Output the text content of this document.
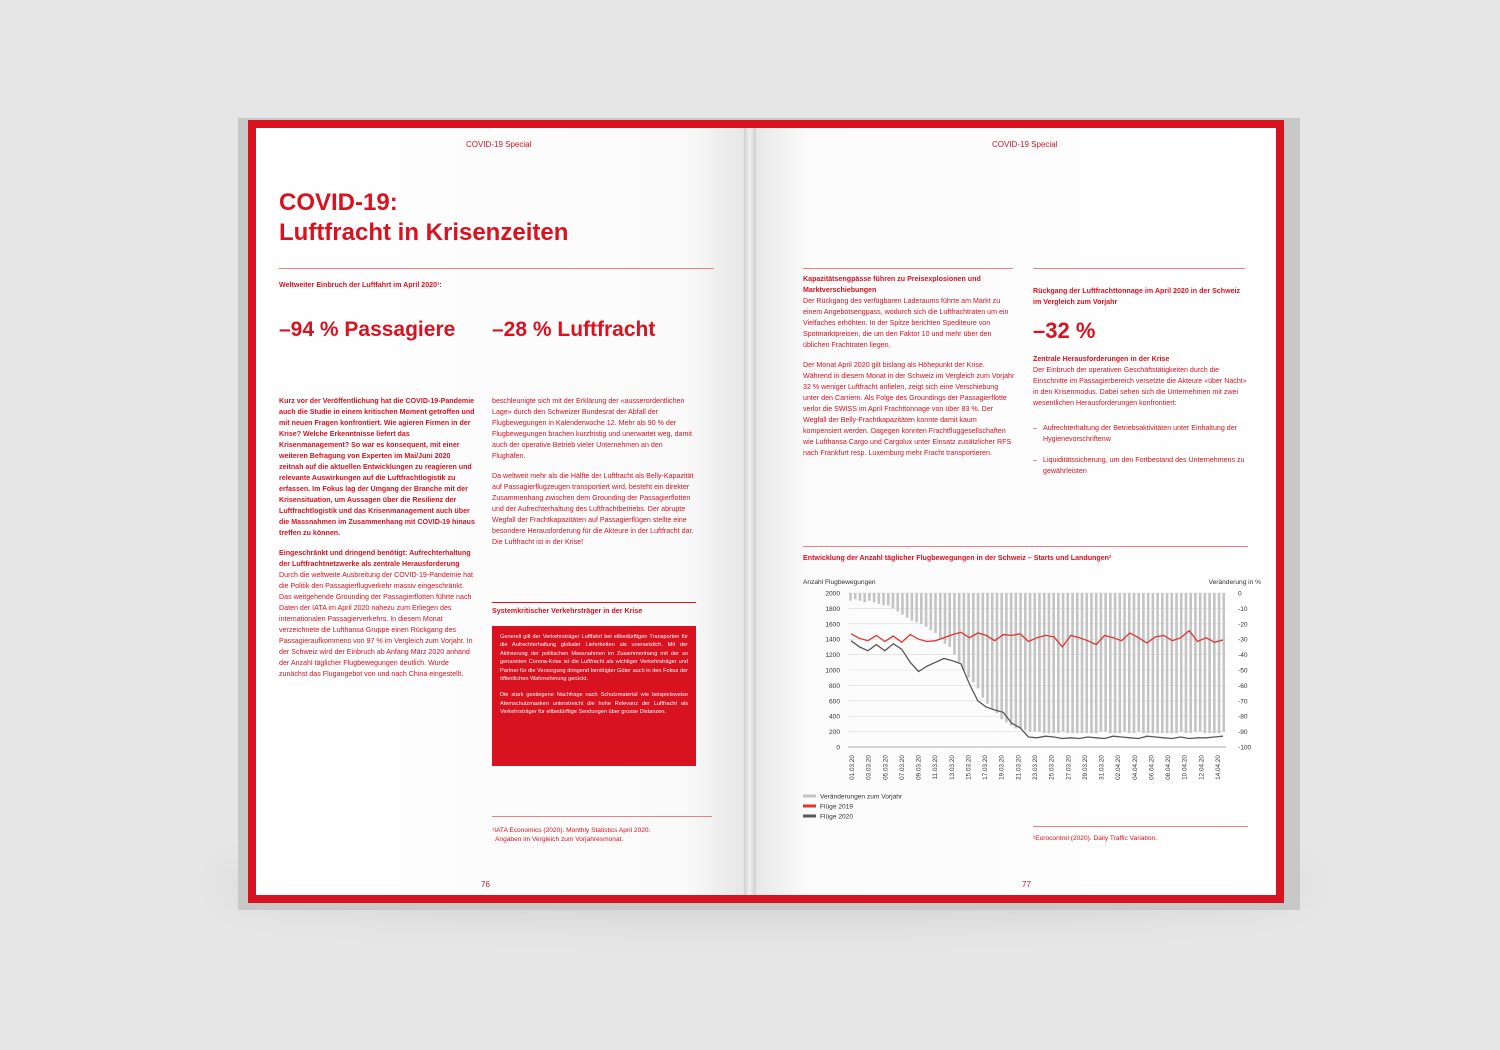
COVID-19 Special
COVID-19:
Luftfracht in Krisenzeiten
Weltweiter Einbruch der Luftfahrt im April 2020¹:
–94 % Passagiere –28 % Luftfracht

Kurz vor der Veröffentlichung hat die COVID-19-Pandemie auch die Studie in einem kritischen Moment getroffen und mit neuen Fragen konfrontiert. Wie agieren Firmen in der Krise? Welche Erkenntnisse liefert das Krisenmanagement? So war es konsequent, mit einer weiteren Befragung von Experten im Mai/Juni 2020 zeitnah auf die aktuellen Entwicklungen zu reagieren und relevante Auswirkungen auf die Luftfrachtlogistik zu erfassen. Im Fokus lag der Umgang der Branche mit der Krisensituation, um Aussagen über die Resilienz der Luftfrachtlogistik und das Krisenmanagement auch über die Massnahmen im Zusammenhang mit COVID-19 hinaus treffen zu können.

Eingeschränkt und dringend benötigt: Aufrechterhaltung der Luftfrachtnetzwerke als zentrale Herausforderung

Durch die weltweite Ausbreitung der COVID-19-Pandemie hat die Politik den Passagierflugverkehr massiv eingeschränkt. Das weitgehende Grounding der Passagierflotten führte nach Daten der IATA im April 2020 nahezu zum Erliegen des internationalen Passagierverkehrs. In diesem Monat verzeichnete die Lufthansa Gruppe einen Rückgang des Passagieraufkommens von 97 % im Vergleich zum Vorjahr. In der Schweiz wird der Einbruch ab Anfang März 2020 anhand der Anzahl täglicher Flugbewegungen deutlich. Wurde zunächst das Flugangebot von und nach China eingestellt,

beschleunigte sich mit der Erklärung der «ausserordentlichen Lage» durch den Schweizer Bundesrat der Abfall der Flugbewegungen in Kalenderwoche 12. Mehr als 90 % der Flugbewegungen brachen kurzfristig und unerwartet weg, damit auch der operative Betrieb vieler Unternehmen an den Flughäfen.

Da weltweit mehr als die Hälfte der Luftfracht als Belly-Kapazität auf Passagierflugzeugen transportiert wird, besteht ein direkter Zusammenhang zwischen dem Grounding der Passagierflotten und der Aufrechterhaltung des Luftfrachtbetriebs. Der abrupte Wegfall der Frachtkapazitäten auf Passagierflügen stellte eine besondere Herausforderung für die Akteure in der Luftfracht dar. Die Luftfracht ist in der Krise!

Systemkritischer Verkehrsträger in der Krise

Generell gilt der Verkehrsträger Luftfahrt bei eilbedürftigen Transporten für die Aufrechterhaltung globaler Lieferketten als unersetzlich. Mit der Aktivierung der politischen Massnahmen im Zusammenhang mit der so genannten Corona-Krise ist die Luftfracht als wichtiger Verkehrsträger und Partner für die Versorgung dringend benötigter Güter auch in den Fokus der öffentlichen Wahrnehmung gerückt.

Die stark gestiegene Nachfrage nach Schutzmaterial wie beispielsweise Atemschutzmasken unterstreicht die hohe Relevanz der Luftfracht als Verkehrsträger für eilbedürftige Sendungen über grosse Distanzen.

¹IATA Economics (2020). Monthly Statistics April 2020.
Angaben im Vergleich zum Vorjahresmonat.
76
COVID-19 Special

Kapazitätsengpässe führen zu Preisexplosionen und Marktverschiebungen

Der Rückgang des verfügbaren Laderaums führte am Markt zu einem Angebotsengpass, wodurch sich die Luftfrachtraten um ein Vielfaches erhöhten. In der Spitze berichten Spediteure von Spotmarktpreisen, die um den Faktor 10 und mehr über den üblichen Frachtraten liegen.

Der Monat April 2020 gilt bislang als Höhepunkt der Krise. Während in diesem Monat in der Schweiz im Vergleich zum Vorjahr 32 % weniger Luftfracht anfielen, zeigt sich eine Verschiebung unter den Carriern. Als Folge des Groundings der Passagierflotte verlor die SWISS im April Frachttonnage von über 83 %. Der Wegfall der Belly-Frachtkapazitäten konnte damit kaum kompensiert werden. Dagegen konnten Frachtfluggesellschaften wie Lufthansa Cargo und Cargolux unter Einsatz zusätzlicher RFS nach Frankfurt resp. Luxemburg mehr Fracht transportieren.

Rückgang der Luftfrachttonnage im April 2020 in der Schweiz im Vergleich zum Vorjahr

–32 %

Zentrale Herausforderungen in der Krise

Der Einbruch der operativen Geschäftstätigkeiten durch die Einschnitte im Passagierbereich versetzte die Akteure «über Nacht» in den Krisenmodus. Dabei sehen sich die Unternehmen mit zwei wesentlichen Herausforderungen konfrontiert:

– Aufrechterhaltung der Betriebsaktivitäten unter Einhaltung der Hygienevorschriftenw
– Liquiditätssicherung, um den Fortbestand des Unternehmens zu gewährleisten
Entwicklung der Anzahl täglicher Flugbewegungen in der Schweiz – Starts und Landungen²
Anzahl Flugbewegungen	Veränderung in %
2000	0
1800	-10
1600	-20
1400	-30
1200	-40
1000	-50
800	-60
600	-70
400	-80
200	-90
0	-100
01.03.20 03.03.20 05.03.20 07.03.20 09.03.20 11.03.20 13.03.20 15.03.20 17.03.20 19.03.20 21.03.20 23.03.20 25.03.20 27.03.20 29.03.20 31.03.20 02.04.20 04.04.20 06.04.20 08.04.20 10.04.20 12.04.20 14.04.20
Veränderungen zum Vorjahr
Flüge 2019
Flüge 2020
²Eurocontrol (2020). Daily Traffic Variation.
77
